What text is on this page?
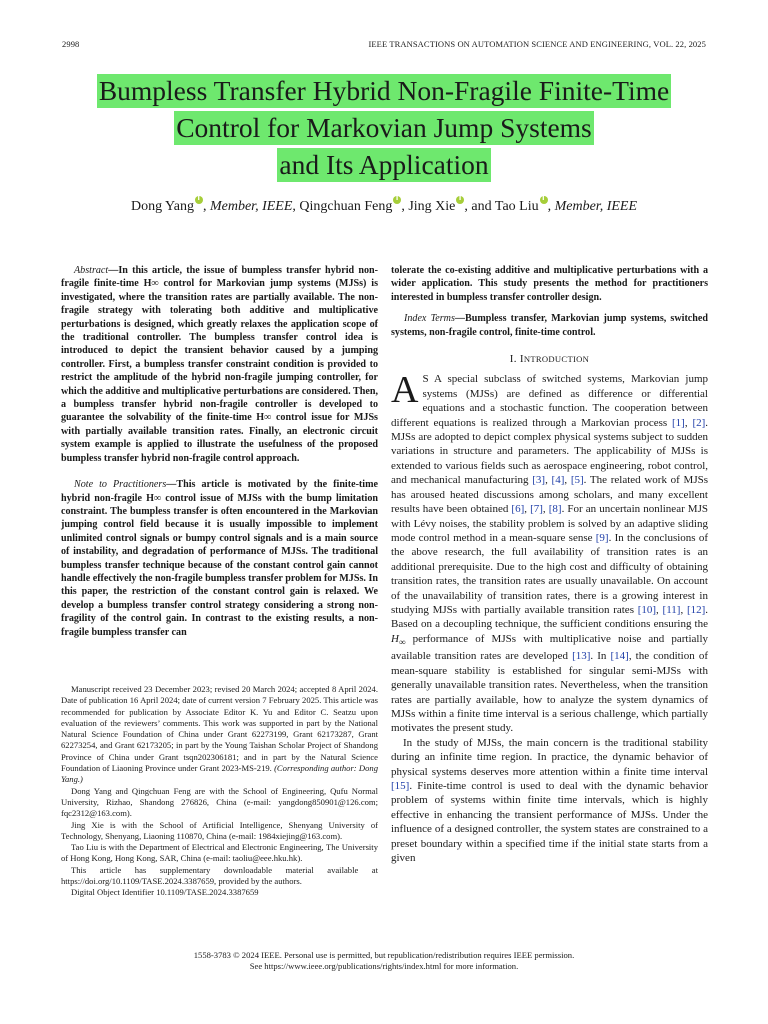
2998	IEEE TRANSACTIONS ON AUTOMATION SCIENCE AND ENGINEERING, VOL. 22, 2025
Bumpless Transfer Hybrid Non-Fragile Finite-Time
Control for Markovian Jump Systems
and Its Application
Dong Yang i , Member, IEEE, Qingchuan Feng i , Jing Xie i , and Tao Liu i , Member, IEEE

Abstract—In this article, the issue of bumpless transfer hybrid non-fragile finite-time H∞ control for Markovian jump systems (MJSs) is investigated, where the transition rates are partially available. The non-fragile strategy with tolerating both additive and multiplicative perturbations is designed, which greatly relaxes the application scope of the traditional controller. The bumpless transfer control idea is introduced to depict the transient behavior caused by a jumping controller. First, a bumpless transfer constraint condition is provided to restrict the amplitude of the hybrid non-fragile jumping controller, for which the additive and multiplicative perturbations are considered. Then, a bumpless transfer hybrid non-fragile controller is developed to guarantee the solvability of the finite-time H∞ control issue for MJSs with partially available transition rates. Finally, an electronic circuit system example is applied to illustrate the usefulness of the proposed bumpless transfer hybrid non-fragile control approach.

Note to Practitioners—This article is motivated by the finite-time hybrid non-fragile H∞ control issue of MJSs with the bump limitation constraint. The bumpless transfer is often encountered in the Markovian jumping control field because it is usually impossible to implement unlimited control signals or bumpy control signals and is a main source of instability, and degradation of performance of MJSs. The traditional bumpless transfer technique because of the constant control gain cannot handle effectively the non-fragile bumpless transfer problem for MJSs. In this paper, the restriction of the constant control gain is relaxed. We develop a bumpless transfer control strategy considering a strong non-fragility of the control gain. In contrast to the existing results, a non-fragile bumpless transfer can

Manuscript received 23 December 2023; revised 20 March 2024; accepted 8 April 2024. Date of publication 16 April 2024; date of current version 7 February 2025. This article was recommended for publication by Associate Editor K. Yu and Editor C. Seatzu upon evaluation of the reviewers’ comments. This work was supported in part by the National Natural Science Foundation of China under Grant 62273199, Grant 62173287, Grant 62273254, and Grant 62173205; in part by the Young Taishan Scholar Project of Shandong Province of China under Grant tsqn202306181; and in part by the Natural Science Foundation of Liaoning Province under Grant 2023-MS-219. (Corresponding author: Dong Yang.)

Dong Yang and Qingchuan Feng are with the School of Engineering, Qufu Normal University, Rizhao, Shandong 276826, China (e-mail: yangdong850901@126.com; fqc2312@163.com).

Jing Xie is with the School of Artificial Intelligence, Shenyang University of Technology, Shenyang, Liaoning 110870, China (e-mail: 1984xiejing@163.com).

Tao Liu is with the Department of Electrical and Electronic Engineering, The University of Hong Kong, Hong Kong, SAR, China (e-mail: taoliu@eee.hku.hk).

This article has supplementary downloadable material available at https://doi.org/10.1109/TASE.2024.3387659, provided by the authors.

Digital Object Identifier 10.1109/TASE.2024.3387659

tolerate the co-existing additive and multiplicative perturbations with a wider application. This study presents the method for practitioners interested in bumpless transfer controller design.

Index Terms—Bumpless transfer, Markovian jump systems, switched systems, non-fragile control, finite-time control.

I. INTRODUCTION

A S A special subclass of switched systems, Markovian jump systems (MJSs) are defined as difference or differential equations and a stochastic function. The cooperation between different equations is realized through a Markovian process [1], [2]. MJSs are adopted to depict complex physical systems subject to sudden variations in structure and parameters. The applicability of MJSs is extended to various fields such as aerospace engineering, robot control, and mechanical manufacturing [3], [4], [5]. The related work of MJSs has aroused heated discussions among scholars, and many excellent results have been obtained [6], [7], [8]. For an uncertain nonlinear MJS with Lévy noises, the stability problem is solved by an adaptive sliding mode control method in a mean-square sense [9]. In the conclusions of the above research, the full availability of transition rates is an additional prerequisite. Due to the high cost and difficulty of obtaining transition rates, the transition rates are usually unavailable. On account of the unavailability of transition rates, there is a growing interest in studying MJSs with partially available transition rates [10], [11], [12]. Based on a decoupling technique, the sufficient conditions ensuring the $H_\infty$ performance of MJSs with multiplicative noise and partially available transition rates are developed [13]. In [14], the condition of mean-square stability is established for singular semi-MJSs with generally unavailable transition rates. Nevertheless, when the transition rates are partially available, how to analyze the system dynamics of MJSs within a finite time interval is a serious challenge, which partially motivates the present study.

In the study of MJSs, the main concern is the traditional stability during an infinite time region. In practice, the dynamic behavior of physical systems deserves more attention within a finite time interval [15]. Finite-time control is used to deal with the dynamic behavior problem of systems within finite time intervals, which is highly effective in enhancing the transient performance of MJSs. Under the influence of a designed controller, the system states are constrained to a preset boundary within a specified time if the initial state starts from a given

1558-3783 © 2024 IEEE. Personal use is permitted, but republication/redistribution requires IEEE permission.
See https://www.ieee.org/publications/rights/index.html for more information.
